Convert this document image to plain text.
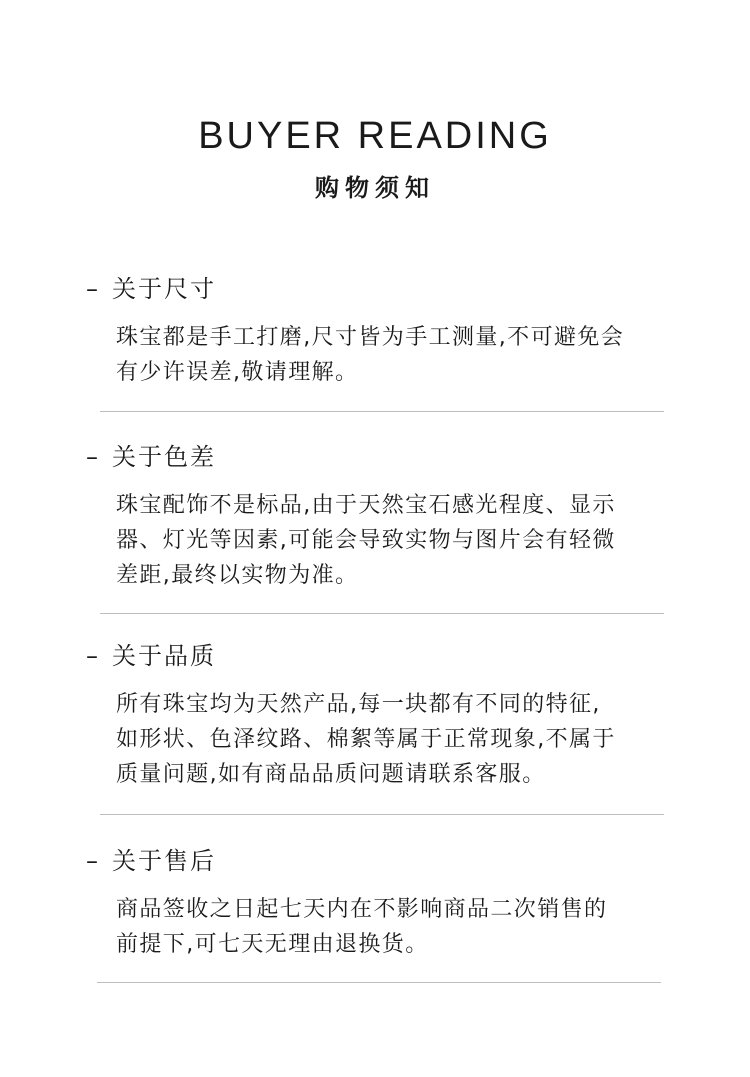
BUYER READING
购物须知
– 关于尺寸
珠宝都是手工打磨,尺寸皆为手工测量,不可避免会
有少许误差,敬请理解。
– 关于色差
珠宝配饰不是标品,由于天然宝石感光程度、显示
器、灯光等因素,可能会导致实物与图片会有轻微
差距,最终以实物为准。
– 关于品质
所有珠宝均为天然产品,每一块都有不同的特征,
如形状、色泽纹路、棉絮等属于正常现象,不属于
质量问题,如有商品品质问题请联系客服。
– 关于售后
商品签收之日起七天内在不影响商品二次销售的
前提下,可七天无理由退换货。
